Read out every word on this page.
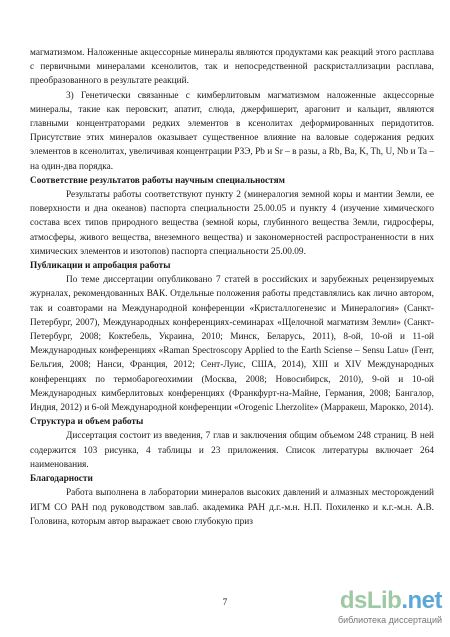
магматизмом. Наложенные акцессорные минералы являются продуктами как реакций этого расплава с первичными минералами ксенолитов, так и непосредственной раскристаллизации расплава, преобразованного в результате реакций.

3) Генетически связанные с кимберлитовым магматизмом наложенные акцессорные минералы, такие как перовскит, апатит, слюда, джерфишерит, арагонит и кальцит, являются главными концентраторами редких элементов в ксенолитах деформированных перидотитов. Присутствие этих минералов оказывает существенное влияние на валовые содержания редких элементов в ксенолитах, увеличивая концентрации РЗЭ, Pb и Sr – в разы, а Rb, Ba, K, Th, U, Nb и Ta – на один-два порядка.

Соответствие результатов работы научным специальностям

Результаты работы соответствуют пункту 2 (минералогия земной коры и мантии Земли, ее поверхности и дна океанов) паспорта специальности 25.00.05 и пункту 4 (изучение химического состава всех типов природного вещества (земной коры, глубинного вещества Земли, гидросферы, атмосферы, живого вещества, внеземного вещества) и закономерностей распространенности в них химических элементов и изотопов) паспорта специальности 25.00.09.

Публикации и апробация работы

По теме диссертации опубликовано 7 статей в российских и зарубежных рецензируемых журналах, рекомендованных ВАК. Отдельные положения работы представлялись как лично автором, так и соавторами на Международной конференции «Кристаллогенезис и Минералогия» (Санкт-Петербург, 2007), Международных конференциях-семинарах «Щелочной магматизм Земли» (Санкт-Петербург, 2008; Коктебель, Украина, 2010; Минск, Беларусь, 2011), 8-ой, 10-ой и 11-ой Международных конференциях «Raman Spectroscopy Applied to the Earth Sciense – Sensu Latu» (Гент, Бельгия, 2008; Нанси, Франция, 2012; Сент-Луис, США, 2014), XIII и XIV Международных конференциях по термобарогеохимии (Москва, 2008; Новосибирск, 2010), 9-ой и 10-ой Международных кимберлитовых конференциях (Франкфурт-на-Майне, Германия, 2008; Бангалор, Индия, 2012) и 6-ой Международной конференции «Orogenic Lherzolite» (Марракеш, Марокко, 2014).

Структура и объем работы

Диссертация состоит из введения, 7 глав и заключения общим объемом 248 страниц. В ней содержится 103 рисунка, 4 таблицы и 23 приложения. Список литературы включает 264 наименования.

Благодарности

Работа выполнена в лаборатории минералов высоких давлений и алмазных месторождений ИГМ СО РАН под руководством зав.лаб. академика РАН д.г.-м.н. Н.П. Похиленко и к.г.-м.н. А.В. Головина, которым автор выражает свою глубокую приз

7	dsLib.net
библиотека диссертаций
